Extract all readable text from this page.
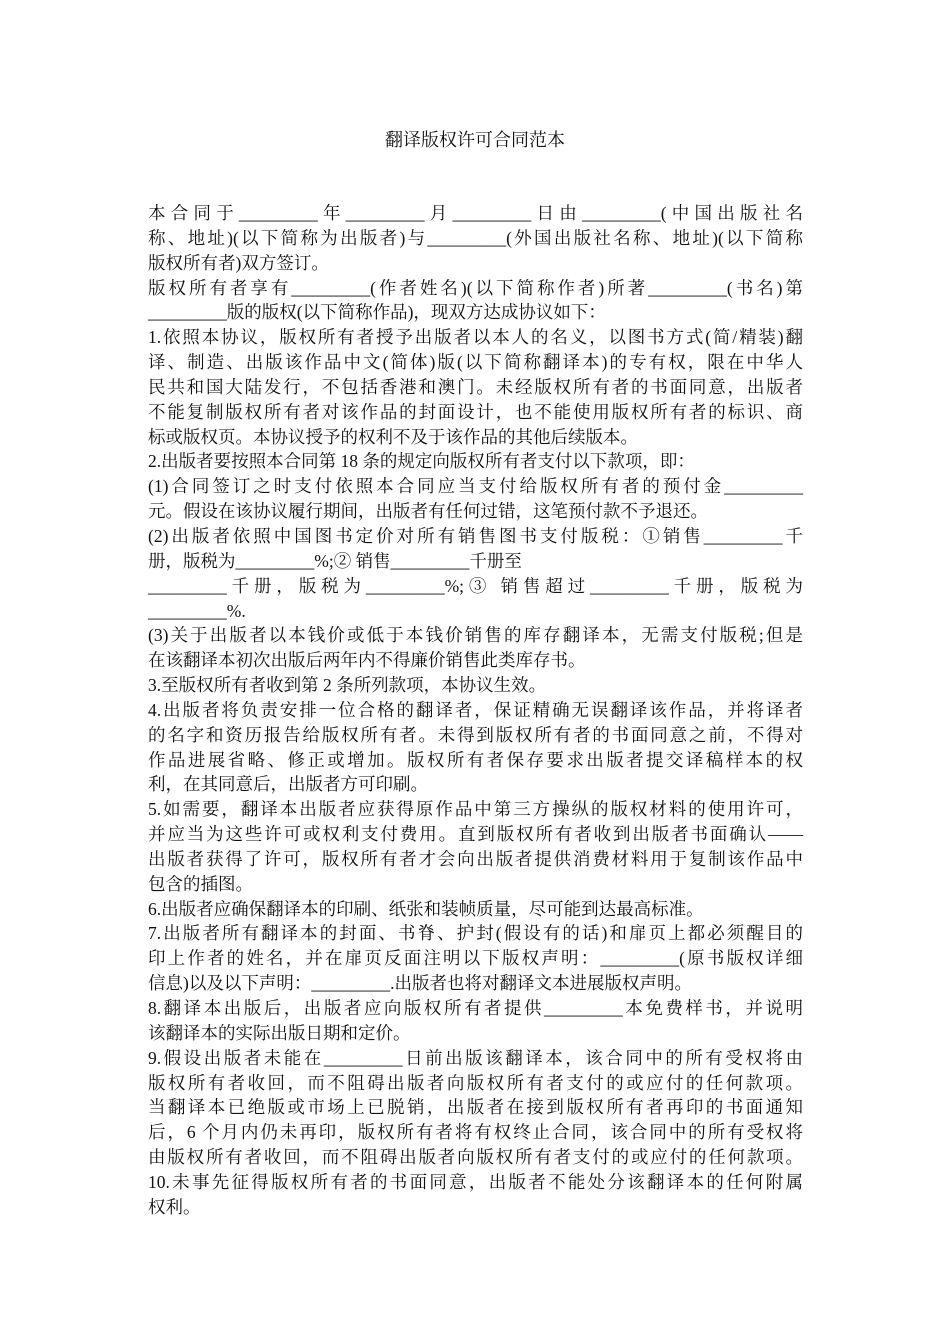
翻译版权许可合同范本
本合同于_________年_________月_________日由_________(中国出版社名
称、地址)(以下简称为出版者)与_________(外国出版社名称、地址)(以下简称
版权所有者)双方签订。
版权所有者享有_________(作者姓名)(以下简称作者)所著_________(书名)第
_________版的版权(以下简称作品)，现双方达成协议如下：
1.依照本协议，版权所有者授予出版者以本人的名义，以图书方式(简/精装)翻
译、制造、出版该作品中文(简体)版(以下简称翻译本)的专有权，限在中华人
民共和国大陆发行，不包括香港和澳门。未经版权所有者的书面同意，出版者
不能复制版权所有者对该作品的封面设计，也不能使用版权所有者的标识、商
标或版权页。本协议授予的权利不及于该作品的其他后续版本。
2.出版者要按照本合同第 18 条的规定向版权所有者支付以下款项，即：
(1)合同签订之时支付依照本合同应当支付给版权所有者的预付金_________
元。假设在该协议履行期间，出版者有任何过错，这笔预付款不予退还。
(2)出版者依照中国图书定价对所有销售图书支付版税：①销售_________千
册，版税为_________%;② 销售_________千册至
_________千册，版税为_________%;③ 销售超过_________千册，版税为
_________%.
(3)关于出版者以本钱价或低于本钱价销售的库存翻译本，无需支付版税;但是
在该翻译本初次出版后两年内不得廉价销售此类库存书。
3.至版权所有者收到第 2 条所列款项，本协议生效。
4.出版者将负责安排一位合格的翻译者，保证精确无误翻译该作品，并将译者
的名字和资历报告给版权所有者。未得到版权所有者的书面同意之前，不得对
作品进展省略、修正或增加。版权所有者保存要求出版者提交译稿样本的权
利，在其同意后，出版者方可印刷。
5.如需要，翻译本出版者应获得原作品中第三方操纵的版权材料的使用许可，
并应当为这些许可或权利支付费用。直到版权所有者收到出版者书面确认——
出版者获得了许可，版权所有者才会向出版者提供消费材料用于复制该作品中
包含的插图。
6.出版者应确保翻译本的印刷、纸张和装帧质量，尽可能到达最高标准。
7.出版者所有翻译本的封面、书脊、护封(假设有的话)和扉页上都必须醒目的
印上作者的姓名，并在扉页反面注明以下版权声明：_________(原书版权详细
信息)以及以下声明：_________.出版者也将对翻译文本进展版权声明。
8.翻译本出版后，出版者应向版权所有者提供_________本免费样书，并说明
该翻译本的实际出版日期和定价。
9.假设出版者未能在_________日前出版该翻译本，该合同中的所有受权将由
版权所有者收回，而不阻碍出版者向版权所有者支付的或应付的任何款项。
当翻译本已绝版或市场上已脱销，出版者在接到版权所有者再印的书面通知
后，6 个月内仍未再印，版权所有者将有权终止合同，该合同中的所有受权将
由版权所有者收回，而不阻碍出版者向版权所有者支付的或应付的任何款项。
10.未事先征得版权所有者的书面同意，出版者不能处分该翻译本的任何附属
权利。
